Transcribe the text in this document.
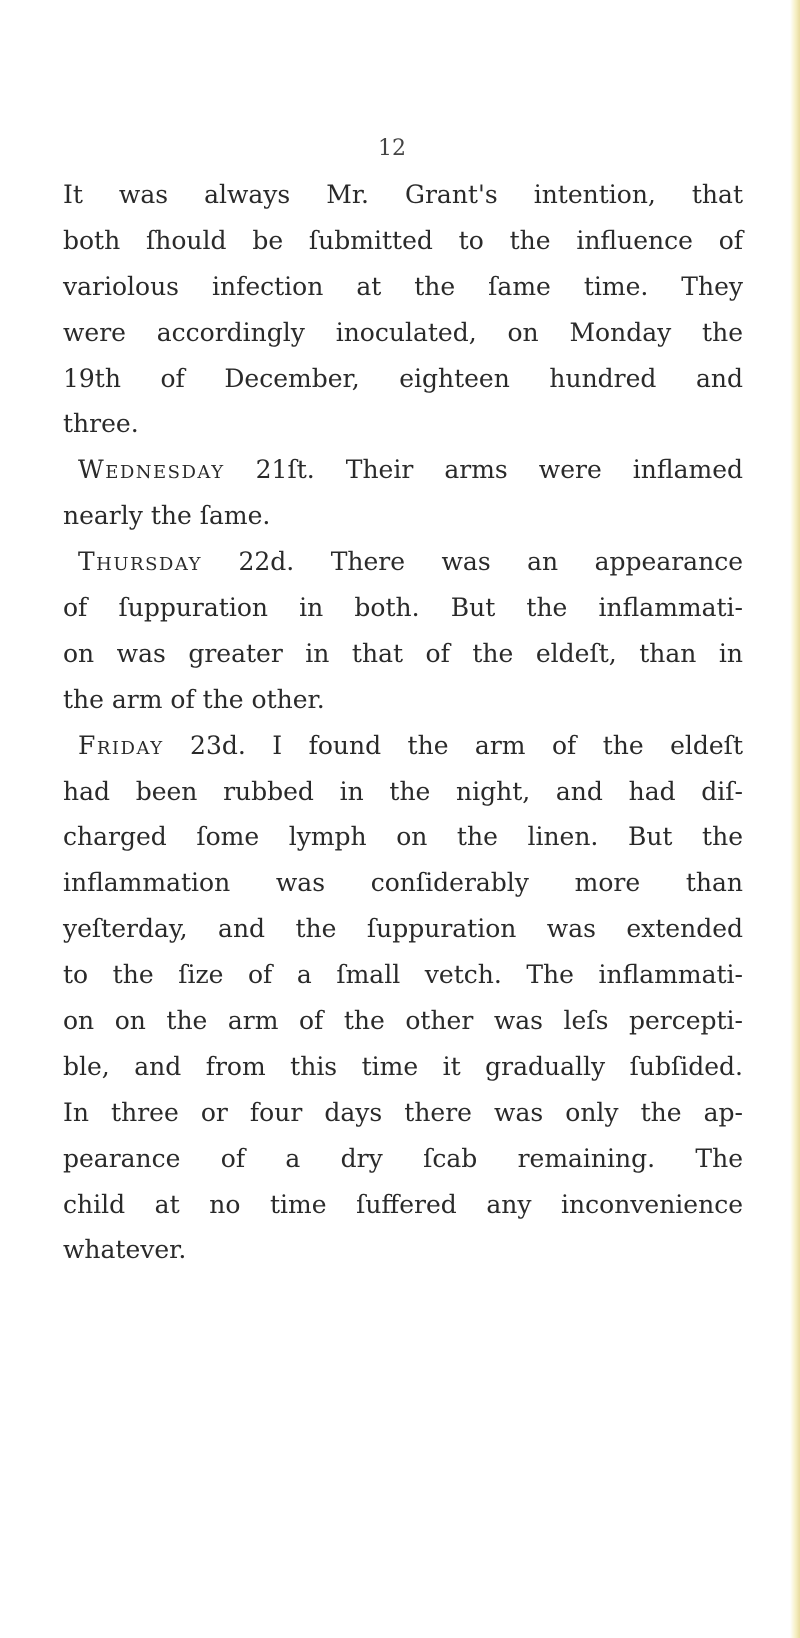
12
It was always Mr. Grant's intention, that
both ſhould be ſubmitted to the influence of
variolous infection at the ſame time. They
were accordingly inoculated, on Monday the
19th of December, eighteen hundred and
three.
Wednesday 21ſt. Their arms were inflamed
nearly the ſame.
Thursday 22d. There was an appearance
of ſuppuration in both. But the inflammati-
on was greater in that of the eldeſt, than in
the arm of the other.
Friday 23d. I found the arm of the eldeſt
had been rubbed in the night, and had diſ-
charged ſome lymph on the linen. But the
inflammation was conſiderably more than
yeſterday, and the ſuppuration was extended
to the ſize of a ſmall vetch. The inflammati-
on on the arm of the other was leſs percepti-
ble, and from this time it gradually ſubſided.
In three or four days there was only the ap-
pearance of a dry ſcab remaining. The
child at no time ſuffered any inconvenience
whatever.
